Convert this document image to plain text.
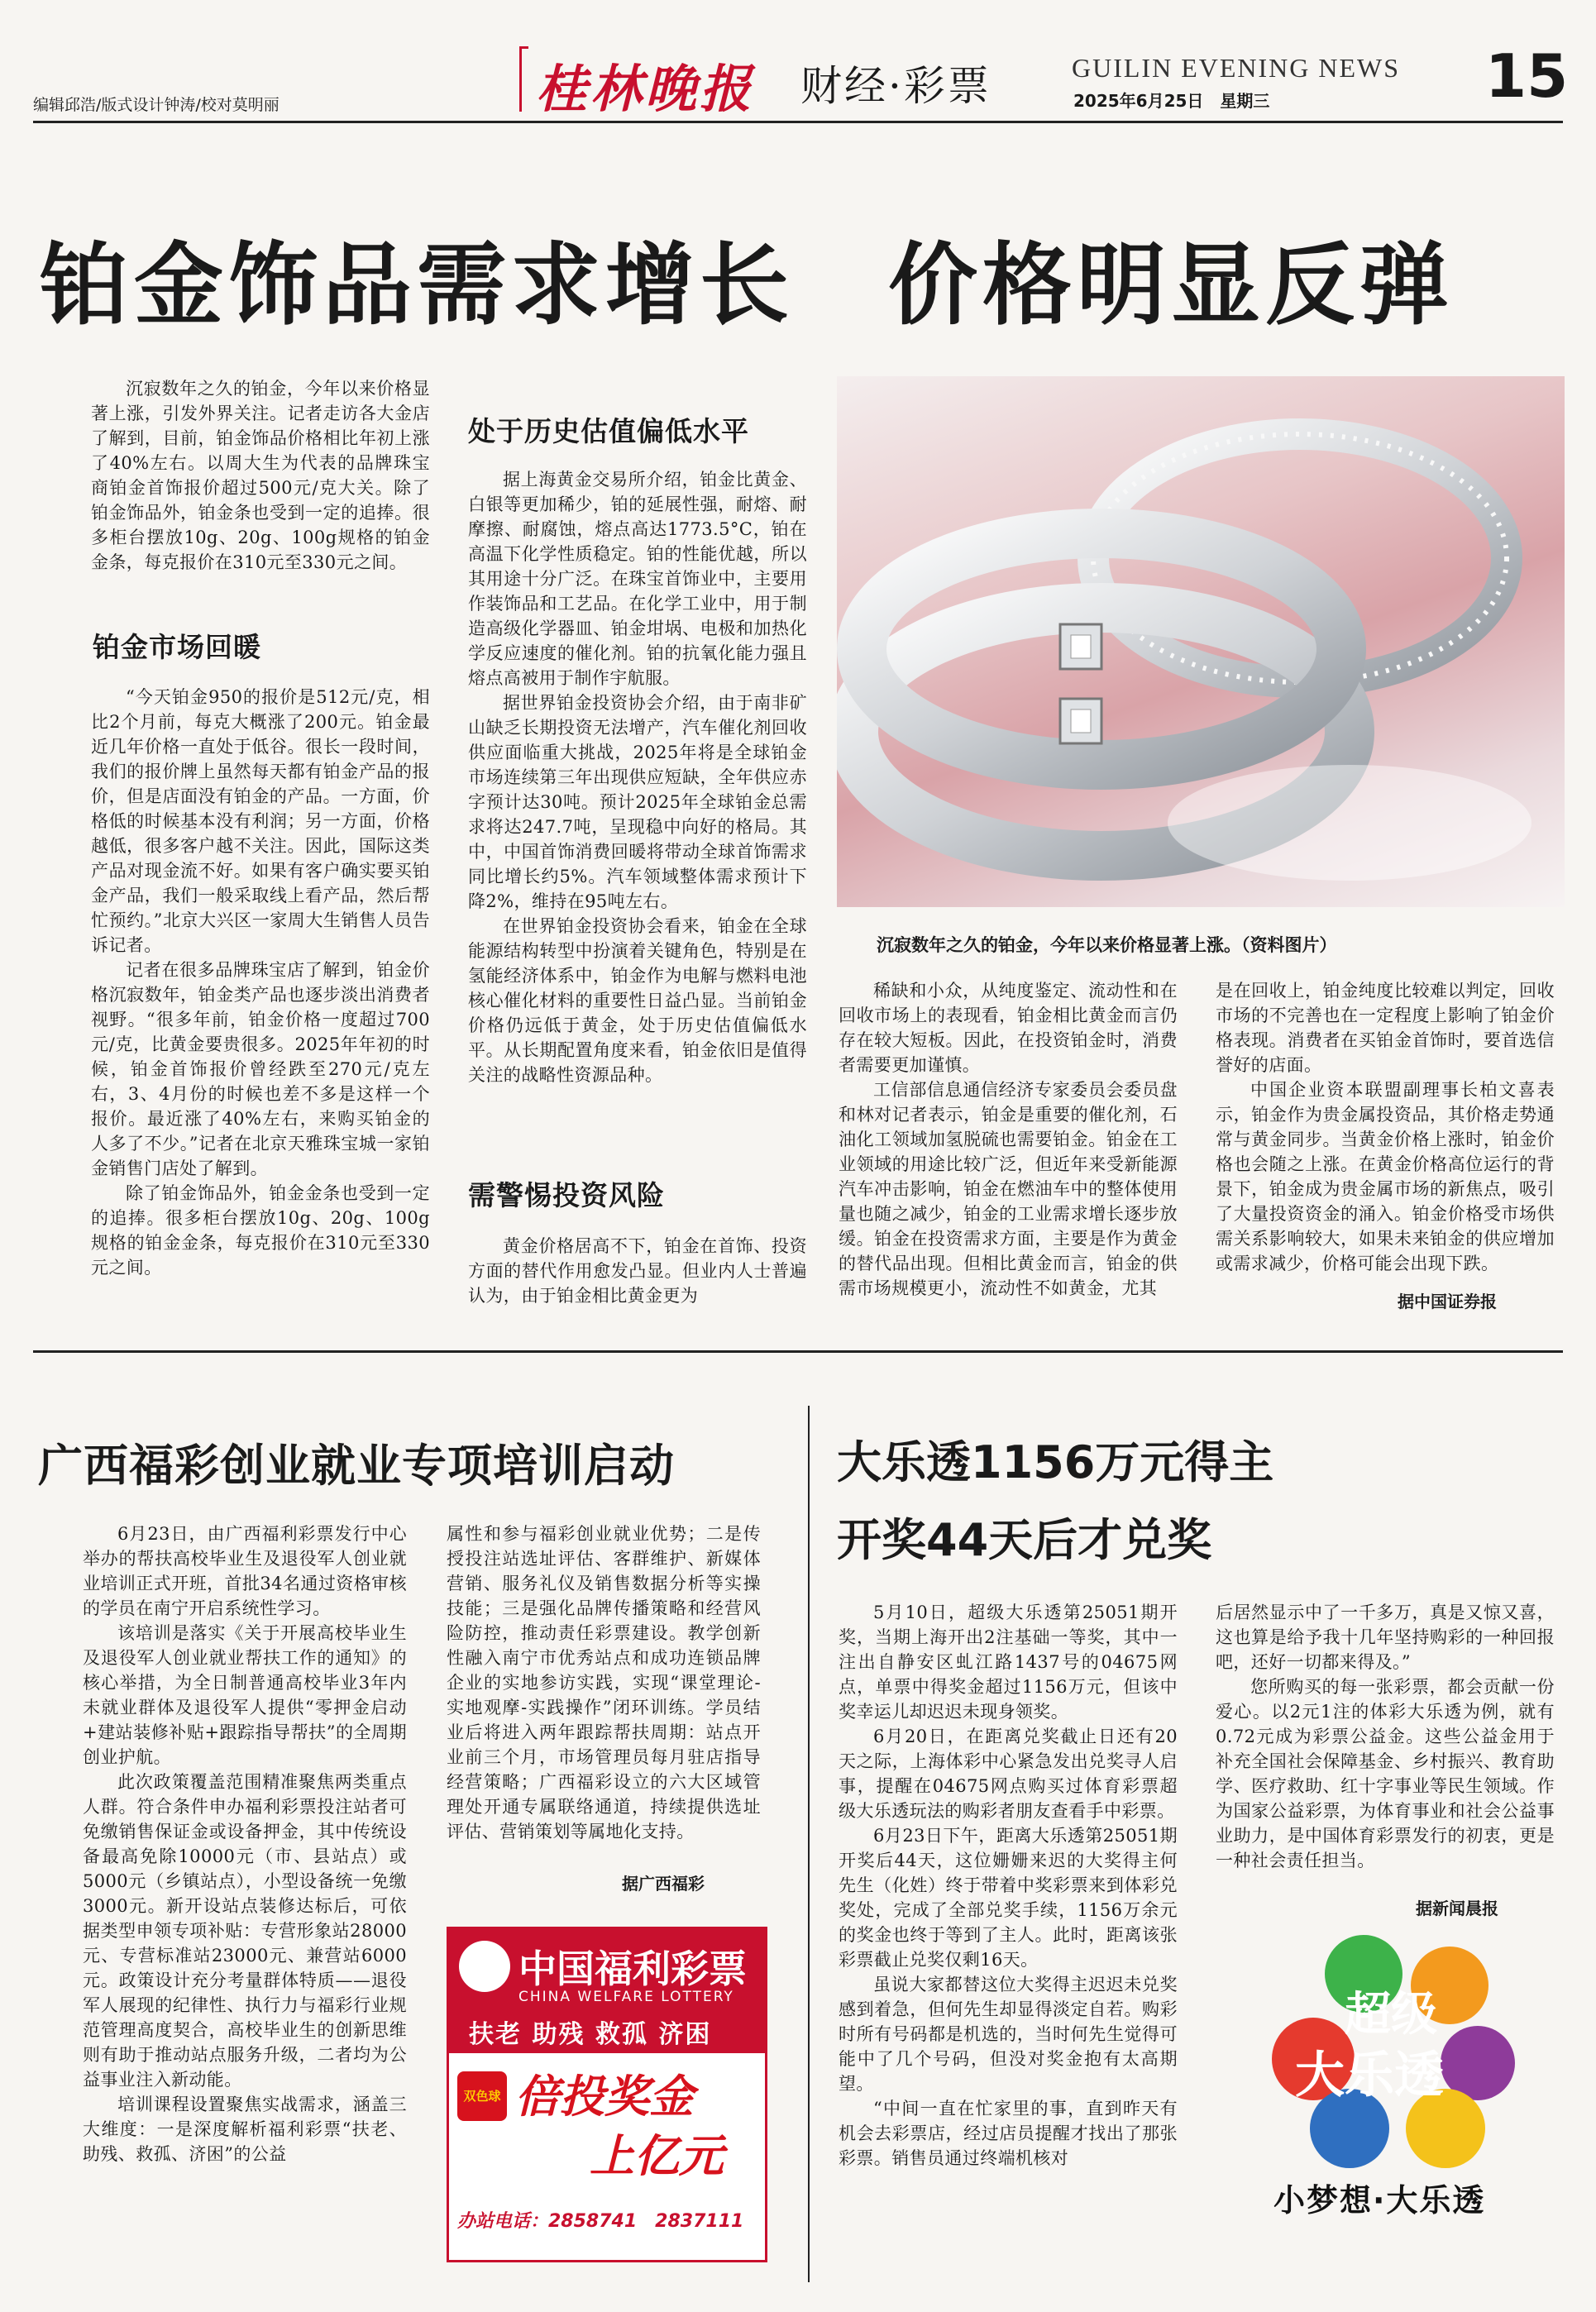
编辑邱浩/版式设计钟涛/校对莫明丽	桂林晚报 财经·彩票	GUILIN EVENING NEWS
2025年6月25日　星期三	15
铂金饰品需求增长　价格明显反弹

沉寂数年之久的铂金，今年以来价格显著上涨，引发外界关注。记者走访各大金店了解到，目前，铂金饰品价格相比年初上涨了40%左右。以周大生为代表的品牌珠宝商铂金首饰报价超过500元/克大关。除了铂金饰品外，铂金条也受到一定的追捧。很多柜台摆放10g、20g、100g规格的铂金金条，每克报价在310元至330元之间。

铂金市场回暖

“今天铂金950的报价是512元/克，相比2个月前，每克大概涨了200元。铂金最近几年价格一直处于低谷。很长一段时间，我们的报价牌上虽然每天都有铂金产品的报价，但是店面没有铂金的产品。一方面，价格低的时候基本没有利润；另一方面，价格越低，很多客户越不关注。因此，国际这类产品对现金流不好。如果有客户确实要买铂金产品，我们一般采取线上看产品，然后帮忙预约。”北京大兴区一家周大生销售人员告诉记者。

记者在很多品牌珠宝店了解到，铂金价格沉寂数年，铂金类产品也逐步淡出消费者视野。“很多年前，铂金价格一度超过700元/克，比黄金要贵很多。2025年年初的时候，铂金首饰报价曾经跌至270元/克左右，3、4月份的时候也差不多是这样一个报价。最近涨了40%左右，来购买铂金的人多了不少。”记者在北京天雅珠宝城一家铂金销售门店处了解到。

除了铂金饰品外，铂金金条也受到一定的追捧。很多柜台摆放10g、20g、100g规格的铂金金条，每克报价在310元至330元之间。

处于历史估值偏低水平

据上海黄金交易所介绍，铂金比黄金、白银等更加稀少，铂的延展性强，耐熔、耐摩擦、耐腐蚀，熔点高达1773.5°C，铂在高温下化学性质稳定。铂的性能优越，所以其用途十分广泛。在珠宝首饰业中，主要用作装饰品和工艺品。在化学工业中，用于制造高级化学器皿、铂金坩埚、电极和加热化学反应速度的催化剂。铂的抗氧化能力强且熔点高被用于制作宇航服。

据世界铂金投资协会介绍，由于南非矿山缺乏长期投资无法增产，汽车催化剂回收供应面临重大挑战，2025年将是全球铂金市场连续第三年出现供应短缺，全年供应赤字预计达30吨。预计2025年全球铂金总需求将达247.7吨，呈现稳中向好的格局。其中，中国首饰消费回暖将带动全球首饰需求同比增长约5%。汽车领域整体需求预计下降2%，维持在95吨左右。

在世界铂金投资协会看来，铂金在全球能源结构转型中扮演着关键角色，特别是在氢能经济体系中，铂金作为电解与燃料电池核心催化材料的重要性日益凸显。当前铂金价格仍远低于黄金，处于历史估值偏低水平。从长期配置角度来看，铂金依旧是值得关注的战略性资源品种。

需警惕投资风险

黄金价格居高不下，铂金在首饰、投资方面的替代作用愈发凸显。但业内人士普遍认为，由于铂金相比黄金更为

沉寂数年之久的铂金，今年以来价格显著上涨。（资料图片）

稀缺和小众，从纯度鉴定、流动性和在回收市场上的表现看，铂金相比黄金而言仍存在较大短板。因此，在投资铂金时，消费者需要更加谨慎。

工信部信息通信经济专家委员会委员盘和林对记者表示，铂金是重要的催化剂，石油化工领域加氢脱硫也需要铂金。铂金在工业领域的用途比较广泛，但近年来受新能源汽车冲击影响，铂金在燃油车中的整体使用量也随之减少，铂金的工业需求增长逐步放缓。铂金在投资需求方面，主要是作为黄金的替代品出现。但相比黄金而言，铂金的供需市场规模更小，流动性不如黄金，尤其

是在回收上，铂金纯度比较难以判定，回收市场的不完善也在一定程度上影响了铂金价格表现。消费者在买铂金首饰时，要首选信誉好的店面。

中国企业资本联盟副理事长柏文喜表示，铂金作为贵金属投资品，其价格走势通常与黄金同步。当黄金价格上涨时，铂金价格也会随之上涨。在黄金价格高位运行的背景下，铂金成为贵金属市场的新焦点，吸引了大量投资资金的涌入。铂金价格受市场供需关系影响较大，如果未来铂金的供应增加或需求减少，价格可能会出现下跌。

据中国证券报
广西福彩创业就业专项培训启动

6月23日，由广西福利彩票发行中心举办的帮扶高校毕业生及退役军人创业就业培训正式开班，首批34名通过资格审核的学员在南宁开启系统性学习。

该培训是落实《关于开展高校毕业生及退役军人创业就业帮扶工作的通知》的核心举措，为全日制普通高校毕业3年内未就业群体及退役军人提供“零押金启动+建站装修补贴+跟踪指导帮扶”的全周期创业护航。

此次政策覆盖范围精准聚焦两类重点人群。符合条件申办福利彩票投注站者可免缴销售保证金或设备押金，其中传统设备最高免除10000元（市、县站点）或5000元（乡镇站点），小型设备统一免缴3000元。新开设站点装修达标后，可依据类型申领专项补贴：专营形象站28000元、专营标准站23000元、兼营站6000元。政策设计充分考量群体特质——退役军人展现的纪律性、执行力与福彩行业规范管理高度契合，高校毕业生的创新思维则有助于推动站点服务升级，二者均为公益事业注入新动能。

培训课程设置聚焦实战需求，涵盖三大维度：一是深度解析福利彩票“扶老、助残、救孤、济困”的公益

属性和参与福彩创业就业优势；二是传授投注站选址评估、客群维护、新媒体营销、服务礼仪及销售数据分析等实操技能；三是强化品牌传播策略和经营风险防控，推动责任彩票建设。教学创新性融入南宁市优秀站点和成功连锁品牌企业的实地参访实践，实现“课堂理论-实地观摩-实践操作”闭环训练。学员结业后将进入两年跟踪帮扶周期：站点开业前三个月，市场管理员每月驻店指导经营策略；广西福彩设立的六大区域管理处开通专属联络通道，持续提供选址评估、营销策划等属地化支持。

据广西福彩
中国福利彩票
CHINA WELFARE LOTTERY
扶老 助残 救孤 济困
双色球 倍投奖金
上亿元
办站电话：2858741　2837111
大乐透1156万元得主
开奖44天后才兑奖

5月10日，超级大乐透第25051期开奖，当期上海开出2注基础一等奖，其中一注出自静安区虬江路1437号的04675网点，单票中得奖金超过1156万元，但该中奖幸运儿却迟迟未现身领奖。

6月20日，在距离兑奖截止日还有20天之际，上海体彩中心紧急发出兑奖寻人启事，提醒在04675网点购买过体育彩票超级大乐透玩法的购彩者朋友查看手中彩票。

6月23日下午，距离大乐透第25051期开奖后44天，这位姗姗来迟的大奖得主何先生（化姓）终于带着中奖彩票来到体彩兑奖处，完成了全部兑奖手续，1156万余元的奖金也终于等到了主人。此时，距离该张彩票截止兑奖仅剩16天。

虽说大家都替这位大奖得主迟迟未兑奖感到着急，但何先生却显得淡定自若。购彩时所有号码都是机选的，当时何先生觉得可能中了几个号码，但没对奖金抱有太高期望。

“中间一直在忙家里的事，直到昨天有机会去彩票店，经过店员提醒才找出了那张彩票。销售员通过终端机核对

后居然显示中了一千多万，真是又惊又喜，这也算是给予我十几年坚持购彩的一种回报吧，还好一切都来得及。”

您所购买的每一张彩票，都会贡献一份爱心。以2元1注的体彩大乐透为例，就有0.72元成为彩票公益金。这些公益金用于补充全国社会保障基金、乡村振兴、教育助学、医疗救助、红十字事业等民生领域。作为国家公益彩票，为体育事业和社会公益事业助力，是中国体育彩票发行的初衷，更是一种社会责任担当。

据新闻晨报
超级
大乐透
小梦想·大乐透
